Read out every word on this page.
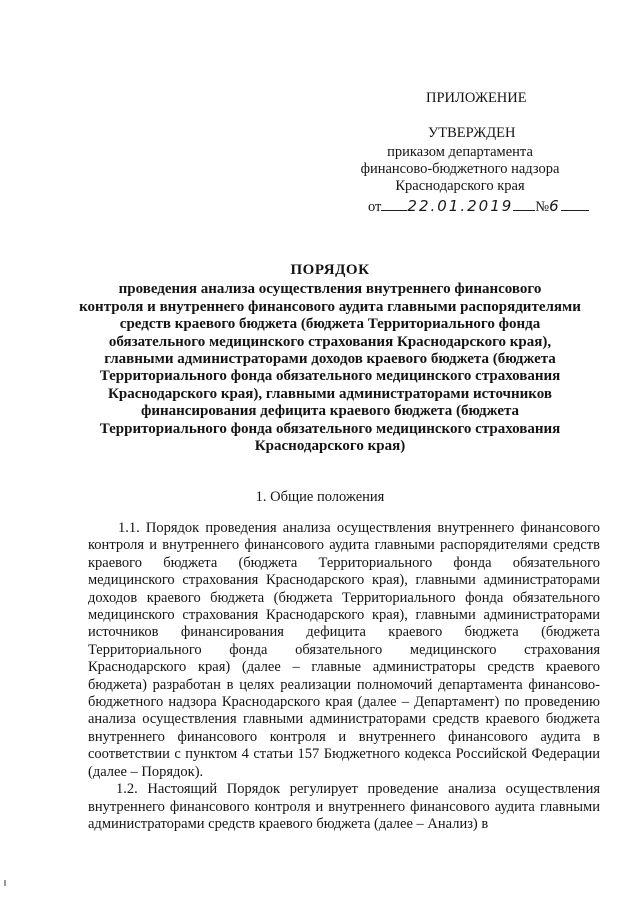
ПРИЛОЖЕНИЕ
УТВЕРЖДЕН
приказом департамента
финансово-бюджетного надзора
Краснодарского края
от 22.01.2019 №6
ПОРЯДОК
проведения анализа осуществления внутреннего финансового
контроля и внутреннего финансового аудита главными распорядителями
средств краевого бюджета (бюджета Территориального фонда
обязательного медицинского страхования Краснодарского края),
главными администраторами доходов краевого бюджета (бюджета
Территориального фонда обязательного медицинского страхования
Краснодарского края), главными администраторами источников
финансирования дефицита краевого бюджета (бюджета
Территориального фонда обязательного медицинского страхования
Краснодарского края)
1. Общие положения

1.1. Порядок проведения анализа осуществления внутреннего финансового контроля и внутреннего финансового аудита главными распорядителями средств краевого бюджета (бюджета Территориального фонда обязательного медицинского страхования Краснодарского края), главными администраторами доходов краевого бюджета (бюджета Территориального фонда обязательного медицинского страхования Краснодарского края), главными администраторами источников финансирования дефицита краевого бюджета (бюджета Территориального фонда обязательного медицинского страхования Краснодарского края) (далее – главные администраторы средств краевого бюджета) разработан в целях реализации полномочий департамента финансово-бюджетного надзора Краснодарского края (далее – Департамент) по проведению анализа осуществления главными администраторами средств краевого бюджета внутреннего финансового контроля и внутреннего финансового аудита в соответствии с пунктом 4 статьи 157 Бюджетного кодекса Российской Федерации (далее – Порядок).

1.2. Настоящий Порядок регулирует проведение анализа осуществления внутреннего финансового контроля и внутреннего финансового аудита главными администраторами средств краевого бюджета (далее – Анализ) в
